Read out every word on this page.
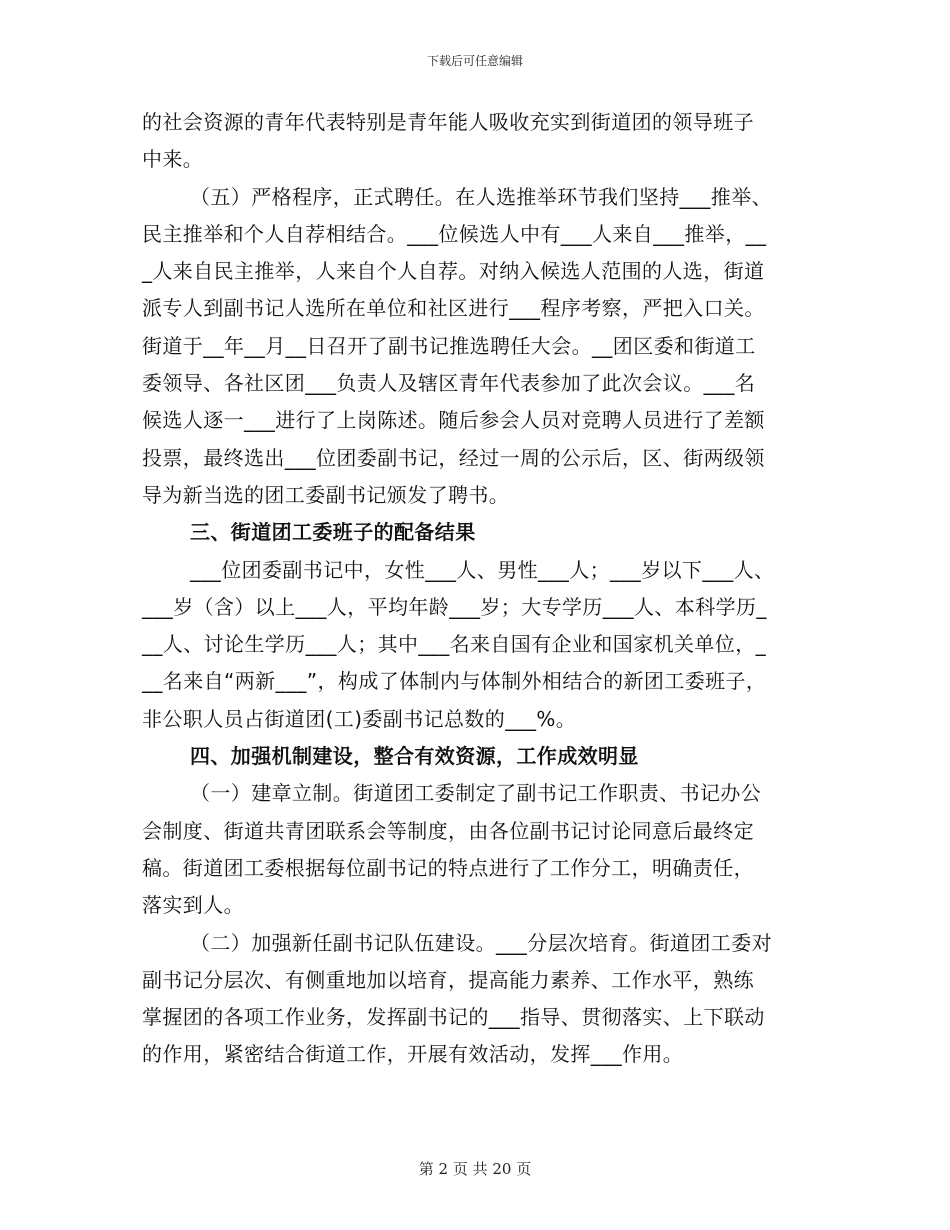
下载后可任意编辑
的社会资源的青年代表特别是青年能人吸收充实到街道团的领导班子
中来。
（五）严格程序，正式聘任。在人选推举环节我们坚持___推举、
民主推举和个人自荐相结合。___位候选人中有___人来自___推举，__
_人来自民主推举，人来自个人自荐。对纳入候选人范围的人选，街道
派专人到副书记人选所在单位和社区进行___程序考察，严把入口关。
街道于__年__月__日召开了副书记推选聘任大会。__团区委和街道工
委领导、各社区团___负责人及辖区青年代表参加了此次会议。___名
候选人逐一___进行了上岗陈述。随后参会人员对竞聘人员进行了差额
投票，最终选出___位团委副书记，经过一周的公示后，区、街两级领
导为新当选的团工委副书记颁发了聘书。
三、街道团工委班子的配备结果
___位团委副书记中，女性___人、男性___人；___岁以下___人、
___岁（含）以上___人，平均年龄___岁；大专学历___人、本科学历_
__人、讨论生学历___人；其中___名来自国有企业和国家机关单位，_
__名来自“两新___”，构成了体制内与体制外相结合的新团工委班子，
非公职人员占街道团(工)委副书记总数的___%。
四、加强机制建设，整合有效资源，工作成效明显
（一）建章立制。街道团工委制定了副书记工作职责、书记办公
会制度、街道共青团联系会等制度，由各位副书记讨论同意后最终定
稿。街道团工委根据每位副书记的特点进行了工作分工，明确责任，
落实到人。
（二）加强新任副书记队伍建设。___分层次培育。街道团工委对
副书记分层次、有侧重地加以培育，提高能力素养、工作水平，熟练
掌握团的各项工作业务，发挥副书记的___指导、贯彻落实、上下联动
的作用，紧密结合街道工作，开展有效活动，发挥___作用。
第 2 页 共 20 页
